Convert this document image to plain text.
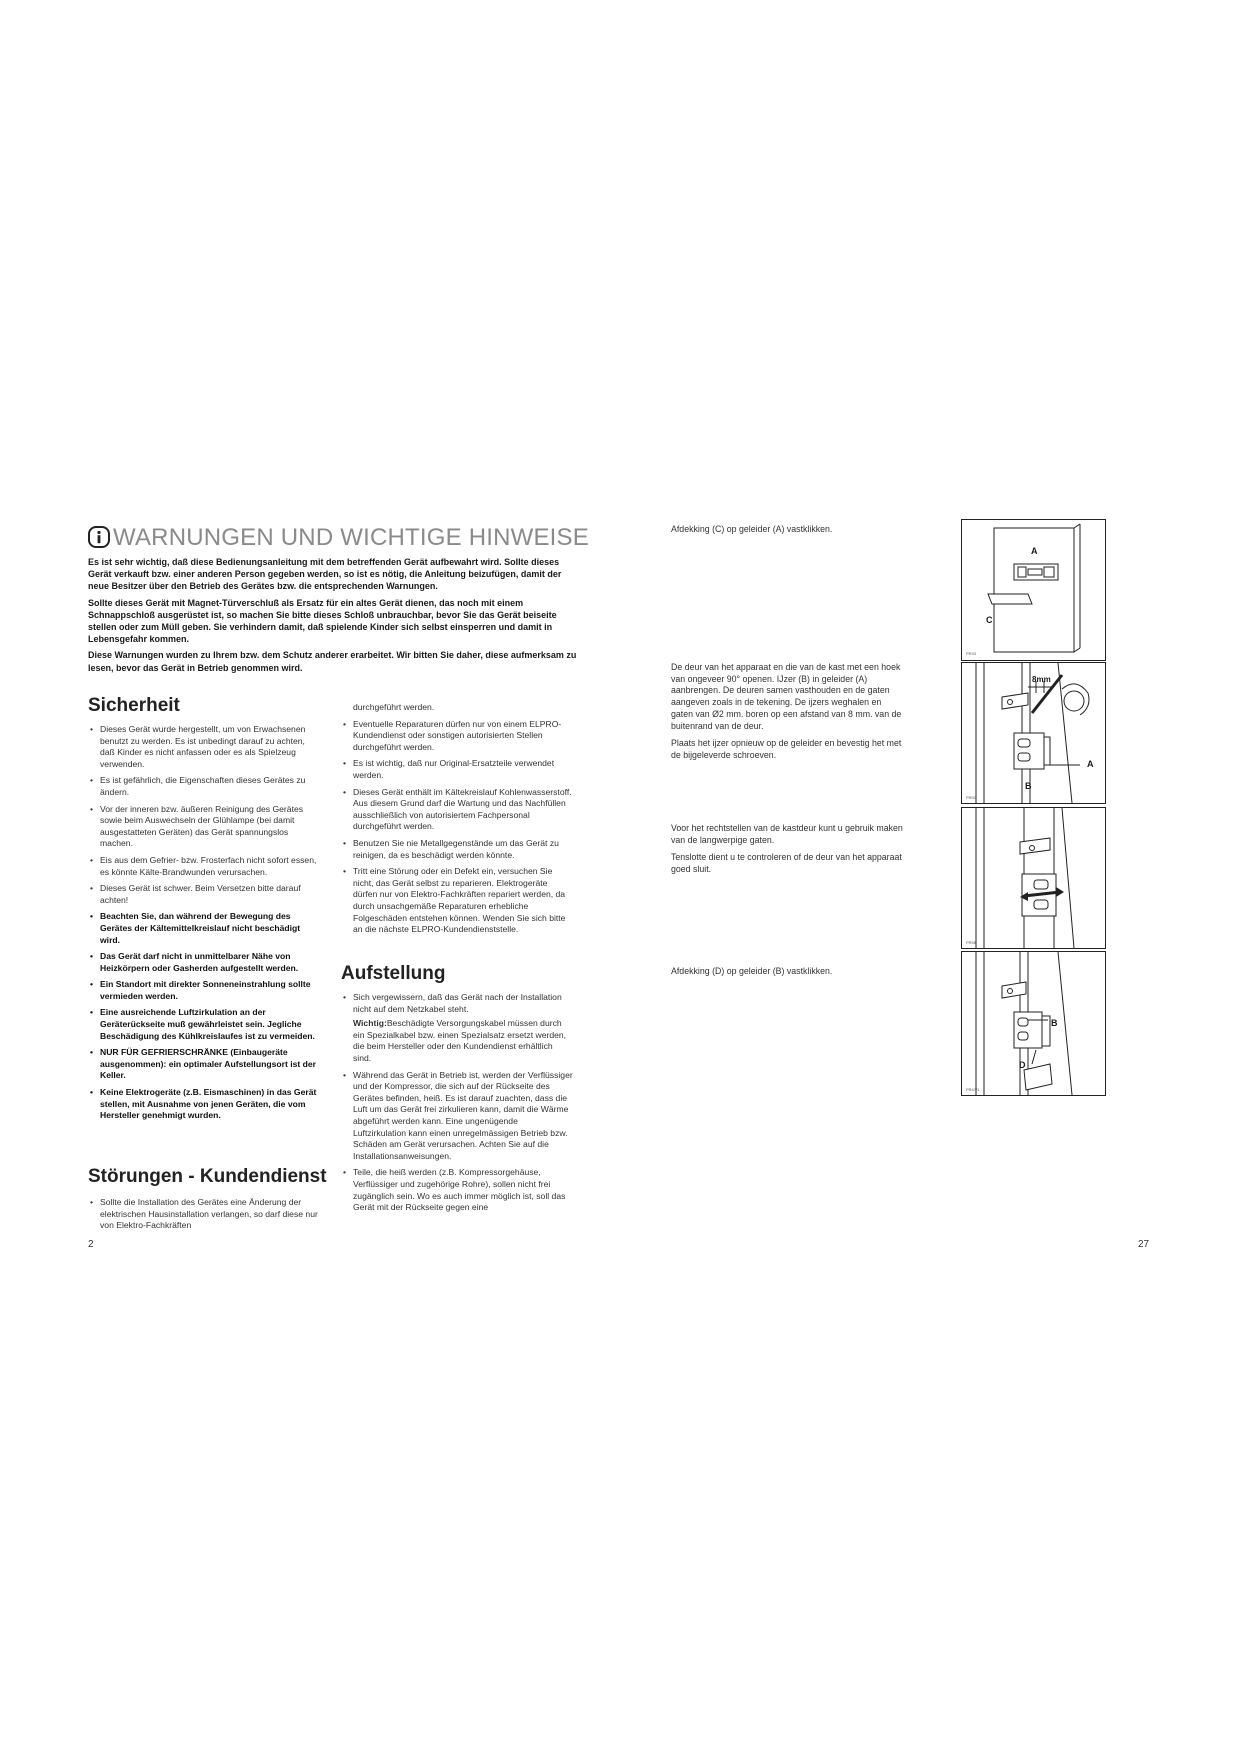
WARNUNGEN UND WICHTIGE HINWEISE

Es ist sehr wichtig, daß diese Bedienungsanleitung mit dem betreffenden Gerät aufbewahrt wird. Sollte dieses Gerät verkauft bzw. einer anderen Person gegeben werden, so ist es nötig, die Anleitung beizufügen, damit der neue Besitzer über den Betrieb des Gerätes bzw. die entsprechenden Warnungen.

Sollte dieses Gerät mit Magnet-Türverschluß als Ersatz für ein altes Gerät dienen, das noch mit einem Schnappschloß ausgerüstet ist, so machen Sie bitte dieses Schloß unbrauchbar, bevor Sie das Gerät beiseite stellen oder zum Müll geben. Sie verhindern damit, daß spielende Kinder sich selbst einsperren und damit in Lebensgefahr kommen.

Diese Warnungen wurden zu Ihrem bzw. dem Schutz anderer erarbeitet. Wir bitten Sie daher, diese aufmerksam zu lesen, bevor das Gerät in Betrieb genommen wird.

Sicherheit
• Dieses Gerät wurde hergestellt, um von Erwachsenen benutzt zu werden. Es ist unbedingt darauf zu achten, daß Kinder es nicht anfassen oder es als Spielzeug verwenden.
• Es ist gefährlich, die Eigenschaften dieses Gerätes zu ändern.
• Vor der inneren bzw. äußeren Reinigung des Gerätes sowie beim Auswechseln der Glühlampe (bei damit ausgestatteten Geräten) das Gerät spannungslos machen.
• Eis aus dem Gefrier- bzw. Frosterfach nicht sofort essen, es könnte Kälte-Brandwunden verursachen.
• Dieses Gerät ist schwer. Beim Versetzen bitte darauf achten!
• Beachten Sie, dan während der Bewegung des Gerätes der Kältemittelkreislauf nicht beschädigt wird.
• Das Gerät darf nicht in unmittelbarer Nähe von Heizkörpern oder Gasherden aufgestellt werden.
• Ein Standort mit direkter Sonneneinstrahlung sollte vermieden werden.
• Eine ausreichende Luftzirkulation an der Geräterückseite muß gewährleistet sein. Jegliche Beschädigung des Kühlkreislaufes ist zu vermeiden.
• NUR FÜR GEFRIERSCHRÄNKE (Einbaugeräte ausgenommen): ein optimaler Aufstellungsort ist der Keller.
• Keine Elektrogeräte (z.B. Eismaschinen) in das Gerät stellen, mit Ausnahme von jenen Geräten, die vom Hersteller genehmigt wurden.
Störungen - Kundendienst
• Sollte die Installation des Gerätes eine Änderung der elektrischen Hausinstallation verlangen, so darf diese nur von Elektro-Fachkräften
durchgeführt werden.
• Eventuelle Reparaturen dürfen nur von einem ELPRO-Kundendienst oder sonstigen autorisierten Stellen durchgeführt werden.
• Es ist wichtig, daß nur Original-Ersatzteile verwendet werden.
• Dieses Gerät enthält im Kältekreislauf Kohlenwasserstoff. Aus diesem Grund darf die Wartung und das Nachfüllen ausschließlich von autorisiertem Fachpersonal durchgeführt werden.
• Benutzen Sie nie Metallgegenstände um das Gerät zu reinigen, da es beschädigt werden könnte.
• Tritt eine Störung oder ein Defekt ein, versuchen Sie nicht, das Gerät selbst zu reparieren. Elektrogeräte dürfen nur von Elektro-Fachkräften repariert werden, da durch unsachgemäße Reparaturen erhebliche Folgeschäden entstehen können. Wenden Sie sich bitte an die nächste ELPRO-Kundendienststelle.
Aufstellung
• Sich vergewissern, daß das Gerät nach der Installation nicht auf dem Netzkabel steht.
Wichtig:Beschädigte Versorgungskabel müssen durch ein Spezialkabel bzw. einen Spezialsatz ersetzt werden, die beim Hersteller oder den Kundendienst erhältlich sind.
• Während das Gerät in Betrieb ist, werden der Verflüssiger und der Kompressor, die sich auf der Rückseite des Gerätes befinden, heiß. Es ist darauf zuachten, dass die Luft um das Gerät frei zirkulieren kann, damit die Wärme abgeführt werden kann. Eine ungenügende Luftzirkulation kann einen unregelmässigen Betrieb bzw. Schäden am Gerät verursachen. Achten Sie auf die Installationsanweisungen.
• Teile, die heiß werden (z.B. Kompressorgehäuse, Verflüssiger und zugehörige Rohre), sollen nicht frei zugänglich sein. Wo es auch immer möglich ist, soll das Gerät mit der Rückseite gegen eine
2
Afdekking (C) op geleider (A) vastklikken.

De deur van het apparaat en die van de kast met een hoek van ongeveer 90° openen. IJzer (B) in geleider (A) aanbrengen. De deuren samen vasthouden en de gaten aangeven zoals in de tekening. De ijzers weghalen en gaten van Ø2 mm. boren op een afstand van 8 mm. van de buitenrand van de deur.

Plaats het ijzer opnieuw op de geleider en bevestig het met de bijgeleverde schroeven.

Voor het rechtstellen van de kastdeur kunt u gebruik maken van de langwerpige gaten.

Tenslotte dient u te controleren of de deur van het apparaat goed sluit.

Afdekking (D) op geleider (B) vastklikken.
A
C
PR33
8mm
A
B
PR50
PR58
B
D
PR47/1
27
